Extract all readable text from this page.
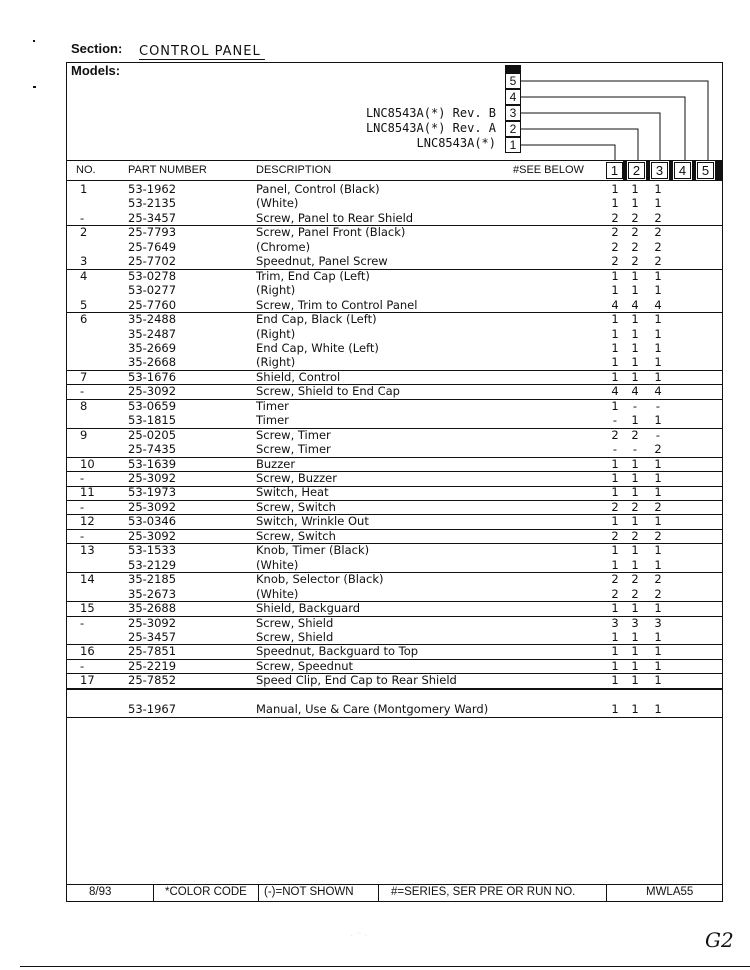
Section: CONTROL PANEL
Models:
LNC8543A(*) Rev. B
LNC8543A(*) Rev. A
LNC8543A(*)
5
4
3
2
1
NO.	PART NUMBER	DESCRIPTION	#SEE BELOW	1	2	3	4	5
1	53-1962	Panel, Control (Black)	1 1 1
53-2135	(White)	1 1 1
-	25-3457	Screw, Panel to Rear Shield	2 2 2
2	25-7793	Screw, Panel Front (Black)	2 2 2
25-7649	(Chrome)	2 2 2
3	25-7702	Speednut, Panel Screw	2 2 2
4	53-0278	Trim, End Cap (Left)	1 1 1
53-0277	(Right)	1 1 1
5	25-7760	Screw, Trim to Control Panel	4 4 4
6	35-2488	End Cap, Black (Left)	1 1 1
35-2487	(Right)	1 1 1
35-2669	End Cap, White (Left)	1 1 1
35-2668	(Right)	1 1 1
7	53-1676	Shield, Control	1 1 1
-	25-3092	Screw, Shield to End Cap	4 4 4
8	53-0659	Timer	1	-	-
53-1815	Timer	-	1 1
9	25-0205	Screw, Timer	2 2	-
25-7435	Screw, Timer	-	-	2
10	53-1639	Buzzer	1 1 1
-	25-3092	Screw, Buzzer	1 1 1
11	53-1973	Switch, Heat	1 1 1
-	25-3092	Screw, Switch	2 2 2
12	53-0346	Switch, Wrinkle Out	1 1 1
-	25-3092	Screw, Switch	2 2 2
13	53-1533	Knob, Timer (Black)	1 1 1
53-2129	(White)	1 1 1
14	35-2185	Knob, Selector (Black)	2 2 2
35-2673	(White)	2 2 2
15	35-2688	Shield, Backguard	1 1 1
-	25-3092	Screw, Shield	3 3 3
25-3457	Screw, Shield	1 1 1
16	25-7851	Speednut, Backguard to Top	1 1 1
-	25-2219	Screw, Speednut	1 1 1
17	25-7852	Speed Clip, End Cap to Rear Shield	1 1 1
53-1967	Manual, Use & Care (Montgomery Ward)	1 1 1
8/93	*COLOR CODE (-)=NOT SHOWN	#=SERIES, SER PRE OR RUN NO.	MWLA55
· ⁻ ·	G2
